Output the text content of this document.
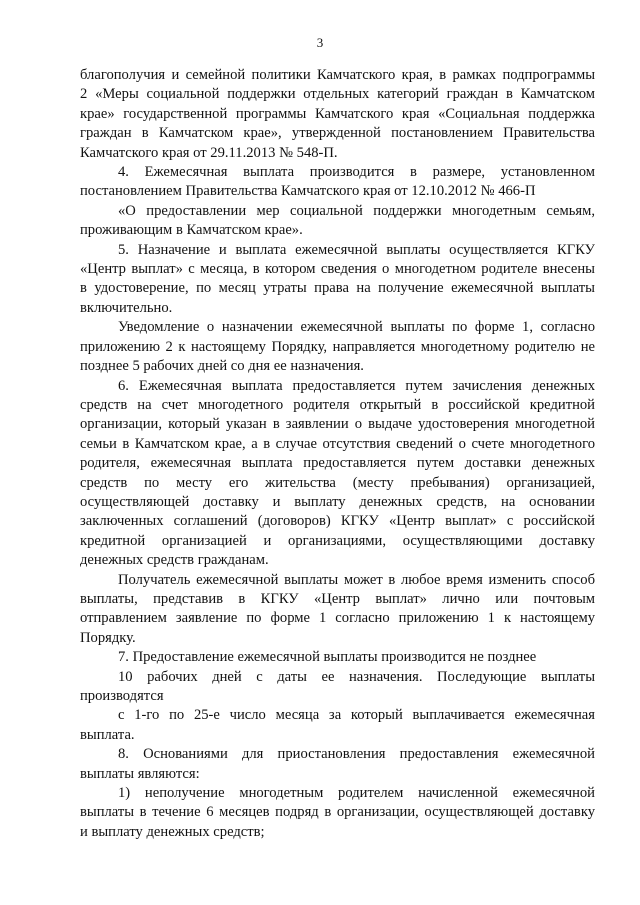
3

благополучия и семейной политики Камчатского края, в рамках подпрограммы
2 «Меры социальной поддержки отдельных категорий граждан в Камчатском
крае» государственной программы Камчатского края «Социальная поддержка
граждан в Камчатском крае», утвержденной постановлением Правительства
Камчатского края от 29.11.2013 № 548-П.

4. Ежемесячная выплата производится в размере, установленном
постановлением Правительства Камчатского края от 12.10.2012 № 466-П

«О предоставлении мер социальной поддержки многодетным семьям,
проживающим в Камчатском крае».

5. Назначение и выплата ежемесячной выплаты осуществляется КГКУ
«Центр выплат» с месяца, в котором сведения о многодетном родителе внесены
в удостоверение, по месяц утраты права на получение ежемесячной выплаты
включительно.

Уведомление о назначении ежемесячной выплаты по форме 1, согласно
приложению 2 к настоящему Порядку, направляется многодетному родителю не
позднее 5 рабочих дней со дня ее назначения.

6. Ежемесячная выплата предоставляется путем зачисления денежных
средств на счет многодетного родителя открытый в российской кредитной
организации, который указан в заявлении о выдаче удостоверения многодетной
семьи в Камчатском крае, а в случае отсутствия сведений о счете многодетного
родителя, ежемесячная выплата предоставляется путем доставки денежных
средств по месту его жительства (месту пребывания) организацией,
осуществляющей доставку и выплату денежных средств, на основании
заключенных соглашений (договоров) КГКУ «Центр выплат» с российской
кредитной организацией и организациями, осуществляющими доставку
денежных средств гражданам.

Получатель ежемесячной выплаты может в любое время изменить способ
выплаты, представив в КГКУ «Центр выплат» лично или почтовым
отправлением заявление по форме 1 согласно приложению 1 к настоящему
Порядку.

7. Предоставление ежемесячной выплаты производится не позднее

10 рабочих дней с даты ее назначения. Последующие выплаты
производятся

с 1-го по 25-е число месяца за который выплачивается ежемесячная
выплата.

8. Основаниями для приостановления предоставления ежемесячной
выплаты являются:

1) неполучение многодетным родителем начисленной ежемесячной
выплаты в течение 6 месяцев подряд в организации, осуществляющей доставку
и выплату денежных средств;
